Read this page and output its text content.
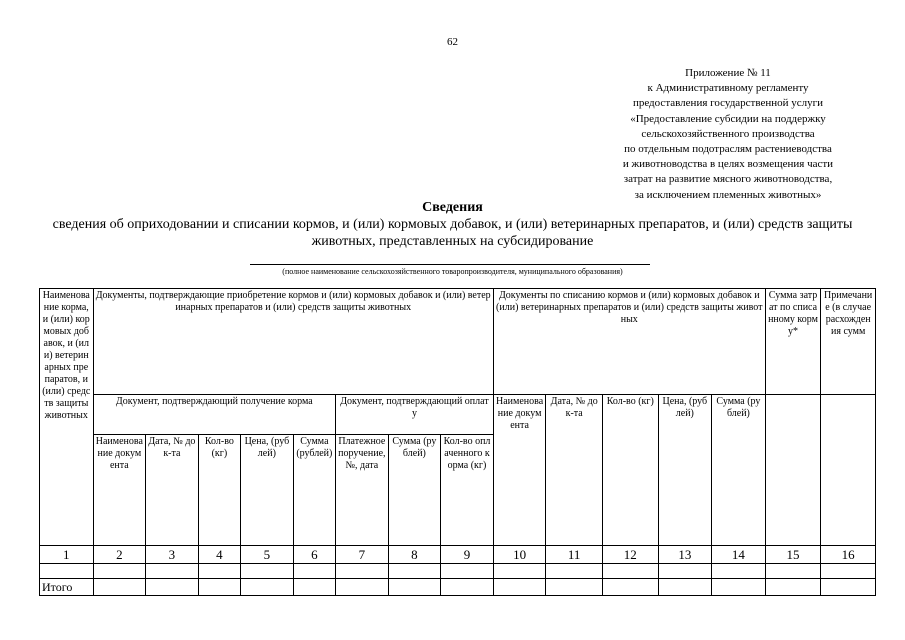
62
Приложение № 11
к Административному регламенту
предоставления государственной услуги
«Предоставление субсидии на поддержку
сельскохозяйственного производства
по отдельным подотраслям растениеводства
и животноводства в целях возмещения части
затрат на развитие мясного животноводства,
за исключением племенных животных»
Сведения
сведения об оприходовании и списании кормов, и (или) кормовых добавок, и (или) ветеринарных препаратов, и (или) средств защиты животных, представленных на субсидирование
(полное наименование сельскохозяйственного товаропроизводителя, муниципального образования)
Наименование корма, и (или) кормовых добавок, и (или) ветеринарных препаратов, и (или) средств защиты животных	Документы, подтверждающие приобретение кормов и (или) кормовых добавок и (или) ветеринарных препаратов и (или) средств защиты животных								Документы по списанию кормов и (или) кормовых добавок и (или) ветеринарных препаратов и (или) средств защиты животных					Сумма затрат по списанному корму*	Примечание (в случае расхождения сумм
	Документ, подтверждающий получение корма					Документ, подтверждающий оплату			Наименование документа	Дата, № док-та	Кол-во (кг)	Цена, (рублей)	Сумма (рублей)		
	Наименование документа	Дата, № док-та	Кол-во (кг)	Цена, (рублей)	Сумма (рублей)	Платежное поручение, №, дата	Сумма (рублей)	Кол-во оплаченного корма (кг)							
1	2	3	4	5	6	7	8	9	10	11	12	13	14	15	16

Итого															
